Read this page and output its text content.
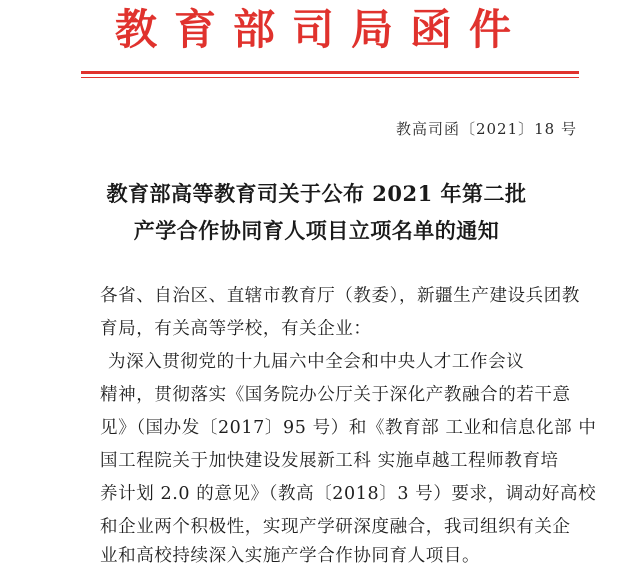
教育部司局函件
教高司函〔2021〕18 号
教育部高等教育司关于公布 2021 年第二批
产学合作协同育人项目立项名单的通知
各省、自治区、直辖市教育厅（教委），新疆生产建设兵团教
育局，有关高等学校，有关企业：
为深入贯彻党的十九届六中全会和中央人才工作会议
精神，贯彻落实《国务院办公厅关于深化产教融合的若干意
见》（国办发〔2017〕95 号）和《教育部 工业和信息化部 中
国工程院关于加快建设发展新工科 实施卓越工程师教育培
养计划 2.0 的意见》（教高〔2018〕3 号）要求，调动好高校
和企业两个积极性，实现产学研深度融合，我司组织有关企
业和高校持续深入实施产学合作协同育人项目。
